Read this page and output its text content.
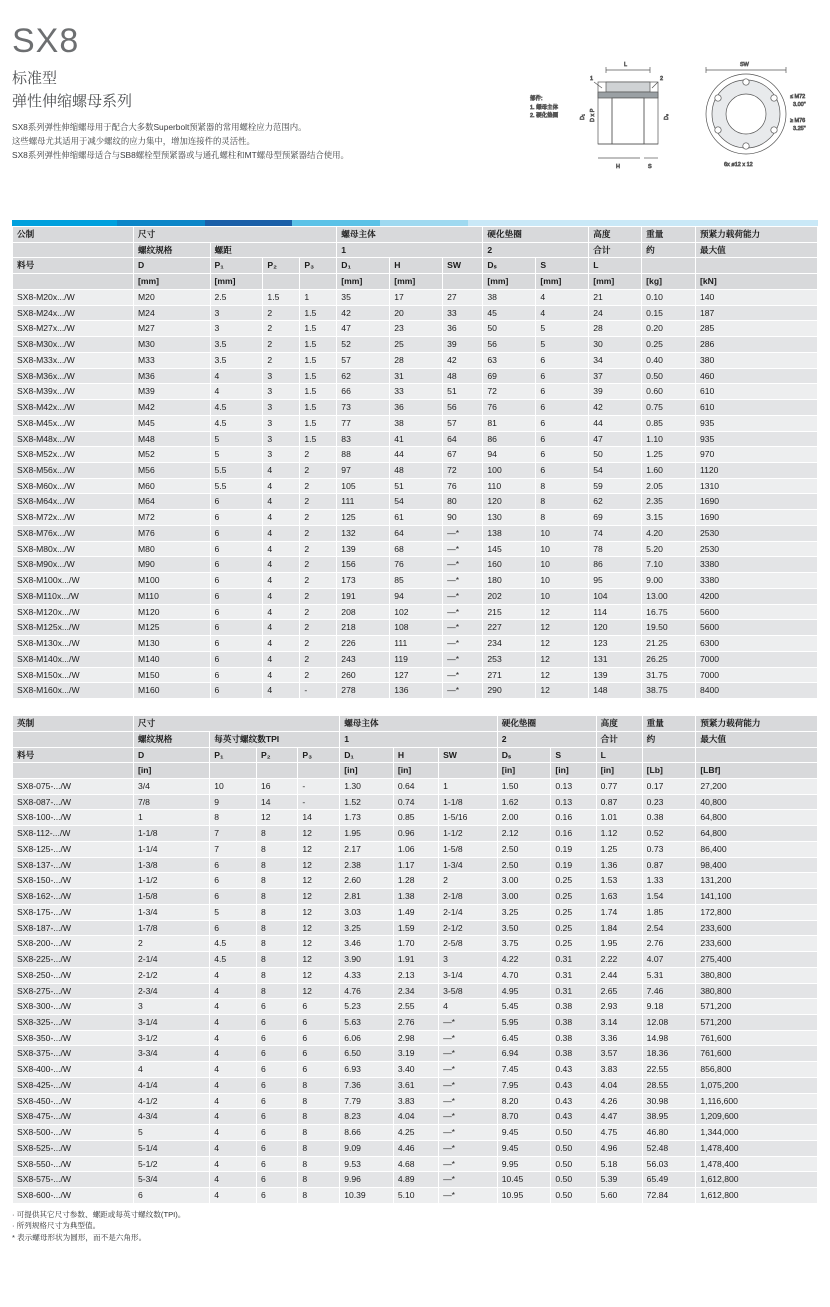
SX8
标准型
弹性伸缩螺母系列
SX8系列弹性伸缩螺母用于配合大多数Superbolt预紧器的常用螺栓应力范围内。
这些螺母尤其适用于减少螺纹的应力集中，增加连接件的灵活性。
SX8系列弹性伸缩螺母适合与SB8螺栓型预紧器或与通孔螺柱和MT螺母型预紧器结合使用。
部件:
1. 螺母主体
2. 硬化垫圈
L
1	2
D₁ D x P	Dₛ
H	S
SW
≤ M72
3.00"
≥ M76
3.25"
6x ø12 x 12
公制	尺寸				螺母主体			硬化垫圈		高度	重量	预紧力载荷能力
	螺纹规格	螺距			1			2		合计	约	最大值
料号	D	P₁	P₂	P₃	D₁	H	SW	Dₛ	S	L		
	[mm]	[mm]			[mm]	[mm]		[mm]	[mm]	[mm]	[kg]	[kN]
SX8-M20x.../W	M20	2.5	1.5	1	35	17	27	38	4	21	0.10	140
SX8-M24x.../W	M24	3	2	1.5	42	20	33	45	4	24	0.15	187
SX8-M27x.../W	M27	3	2	1.5	47	23	36	50	5	28	0.20	285
SX8-M30x.../W	M30	3.5	2	1.5	52	25	39	56	5	30	0.25	286
SX8-M33x.../W	M33	3.5	2	1.5	57	28	42	63	6	34	0.40	380
SX8-M36x.../W	M36	4	3	1.5	62	31	48	69	6	37	0.50	460
SX8-M39x.../W	M39	4	3	1.5	66	33	51	72	6	39	0.60	610
SX8-M42x.../W	M42	4.5	3	1.5	73	36	56	76	6	42	0.75	610
SX8-M45x.../W	M45	4.5	3	1.5	77	38	57	81	6	44	0.85	935
SX8-M48x.../W	M48	5	3	1.5	83	41	64	86	6	47	1.10	935
SX8-M52x.../W	M52	5	3	2	88	44	67	94	6	50	1.25	970
SX8-M56x.../W	M56	5.5	4	2	97	48	72	100	6	54	1.60	1120
SX8-M60x.../W	M60	5.5	4	2	105	51	76	110	8	59	2.05	1310
SX8-M64x.../W	M64	6	4	2	111	54	80	120	8	62	2.35	1690
SX8-M72x.../W	M72	6	4	2	125	61	90	130	8	69	3.15	1690
SX8-M76x.../W	M76	6	4	2	132	64	—*	138	10	74	4.20	2530
SX8-M80x.../W	M80	6	4	2	139	68	—*	145	10	78	5.20	2530
SX8-M90x.../W	M90	6	4	2	156	76	—*	160	10	86	7.10	3380
SX8-M100x.../W	M100	6	4	2	173	85	—*	180	10	95	9.00	3380
SX8-M110x.../W	M110	6	4	2	191	94	—*	202	10	104	13.00	4200
SX8-M120x.../W	M120	6	4	2	208	102	—*	215	12	114	16.75	5600
SX8-M125x.../W	M125	6	4	2	218	108	—*	227	12	120	19.50	5600
SX8-M130x.../W	M130	6	4	2	226	111	—*	234	12	123	21.25	6300
SX8-M140x.../W	M140	6	4	2	243	119	—*	253	12	131	26.25	7000
SX8-M150x.../W	M150	6	4	2	260	127	—*	271	12	139	31.75	7000
SX8-M160x.../W	M160	6	4	-	278	136	—*	290	12	148	38.75	8400
英制	尺寸				螺母主体			硬化垫圈		高度	重量	预紧力载荷能力
	螺纹规格	每英寸螺纹数TPI			1			2		合计	约	最大值
料号	D	P₁	P₂	P₃	D₁	H	SW	Dₛ	S	L		
	[in]				[in]	[in]		[in]	[in]	[in]	[Lb]	[LBf]
SX8-075-.../W	3/4	10	16	-	1.30	0.64	1	1.50	0.13	0.77	0.17	27,200
SX8-087-.../W	7/8	9	14	-	1.52	0.74	1-1/8	1.62	0.13	0.87	0.23	40,800
SX8-100-.../W	1	8	12	14	1.73	0.85	1-5/16	2.00	0.16	1.01	0.38	64,800
SX8-112-.../W	1-1/8	7	8	12	1.95	0.96	1-1/2	2.12	0.16	1.12	0.52	64,800
SX8-125-.../W	1-1/4	7	8	12	2.17	1.06	1-5/8	2.50	0.19	1.25	0.73	86,400
SX8-137-.../W	1-3/8	6	8	12	2.38	1.17	1-3/4	2.50	0.19	1.36	0.87	98,400
SX8-150-.../W	1-1/2	6	8	12	2.60	1.28	2	3.00	0.25	1.53	1.33	131,200
SX8-162-.../W	1-5/8	6	8	12	2.81	1.38	2-1/8	3.00	0.25	1.63	1.54	141,100
SX8-175-.../W	1-3/4	5	8	12	3.03	1.49	2-1/4	3.25	0.25	1.74	1.85	172,800
SX8-187-.../W	1-7/8	6	8	12	3.25	1.59	2-1/2	3.50	0.25	1.84	2.54	233,600
SX8-200-.../W	2	4.5	8	12	3.46	1.70	2-5/8	3.75	0.25	1.95	2.76	233,600
SX8-225-.../W	2-1/4	4.5	8	12	3.90	1.91	3	4.22	0.31	2.22	4.07	275,400
SX8-250-.../W	2-1/2	4	8	12	4.33	2.13	3-1/4	4.70	0.31	2.44	5.31	380,800
SX8-275-.../W	2-3/4	4	8	12	4.76	2.34	3-5/8	4.95	0.31	2.65	7.46	380,800
SX8-300-.../W	3	4	6	6	5.23	2.55	4	5.45	0.38	2.93	9.18	571,200
SX8-325-.../W	3-1/4	4	6	6	5.63	2.76	—*	5.95	0.38	3.14	12.08	571,200
SX8-350-.../W	3-1/2	4	6	6	6.06	2.98	—*	6.45	0.38	3.36	14.98	761,600
SX8-375-.../W	3-3/4	4	6	6	6.50	3.19	—*	6.94	0.38	3.57	18.36	761,600
SX8-400-.../W	4	4	6	6	6.93	3.40	—*	7.45	0.43	3.83	22.55	856,800
SX8-425-.../W	4-1/4	4	6	8	7.36	3.61	—*	7.95	0.43	4.04	28.55	1,075,200
SX8-450-.../W	4-1/2	4	6	8	7.79	3.83	—*	8.20	0.43	4.26	30.98	1,116,600
SX8-475-.../W	4-3/4	4	6	8	8.23	4.04	—*	8.70	0.43	4.47	38.95	1,209,600
SX8-500-.../W	5	4	6	8	8.66	4.25	—*	9.45	0.50	4.75	46.80	1,344,000
SX8-525-.../W	5-1/4	4	6	8	9.09	4.46	—*	9.45	0.50	4.96	52.48	1,478,400
SX8-550-.../W	5-1/2	4	6	8	9.53	4.68	—*	9.95	0.50	5.18	56.03	1,478,400
SX8-575-.../W	5-3/4	4	6	8	9.96	4.89	—*	10.45	0.50	5.39	65.49	1,612,800
SX8-600-.../W	6	4	6	8	10.39	5.10	—*	10.95	0.50	5.60	72.84	1,612,800
· 可提供其它尺寸参数、螺距或每英寸螺纹数(TPI)。
· 所列规格尺寸为典型值。
* 表示螺母形状为圆形，而不是六角形。
